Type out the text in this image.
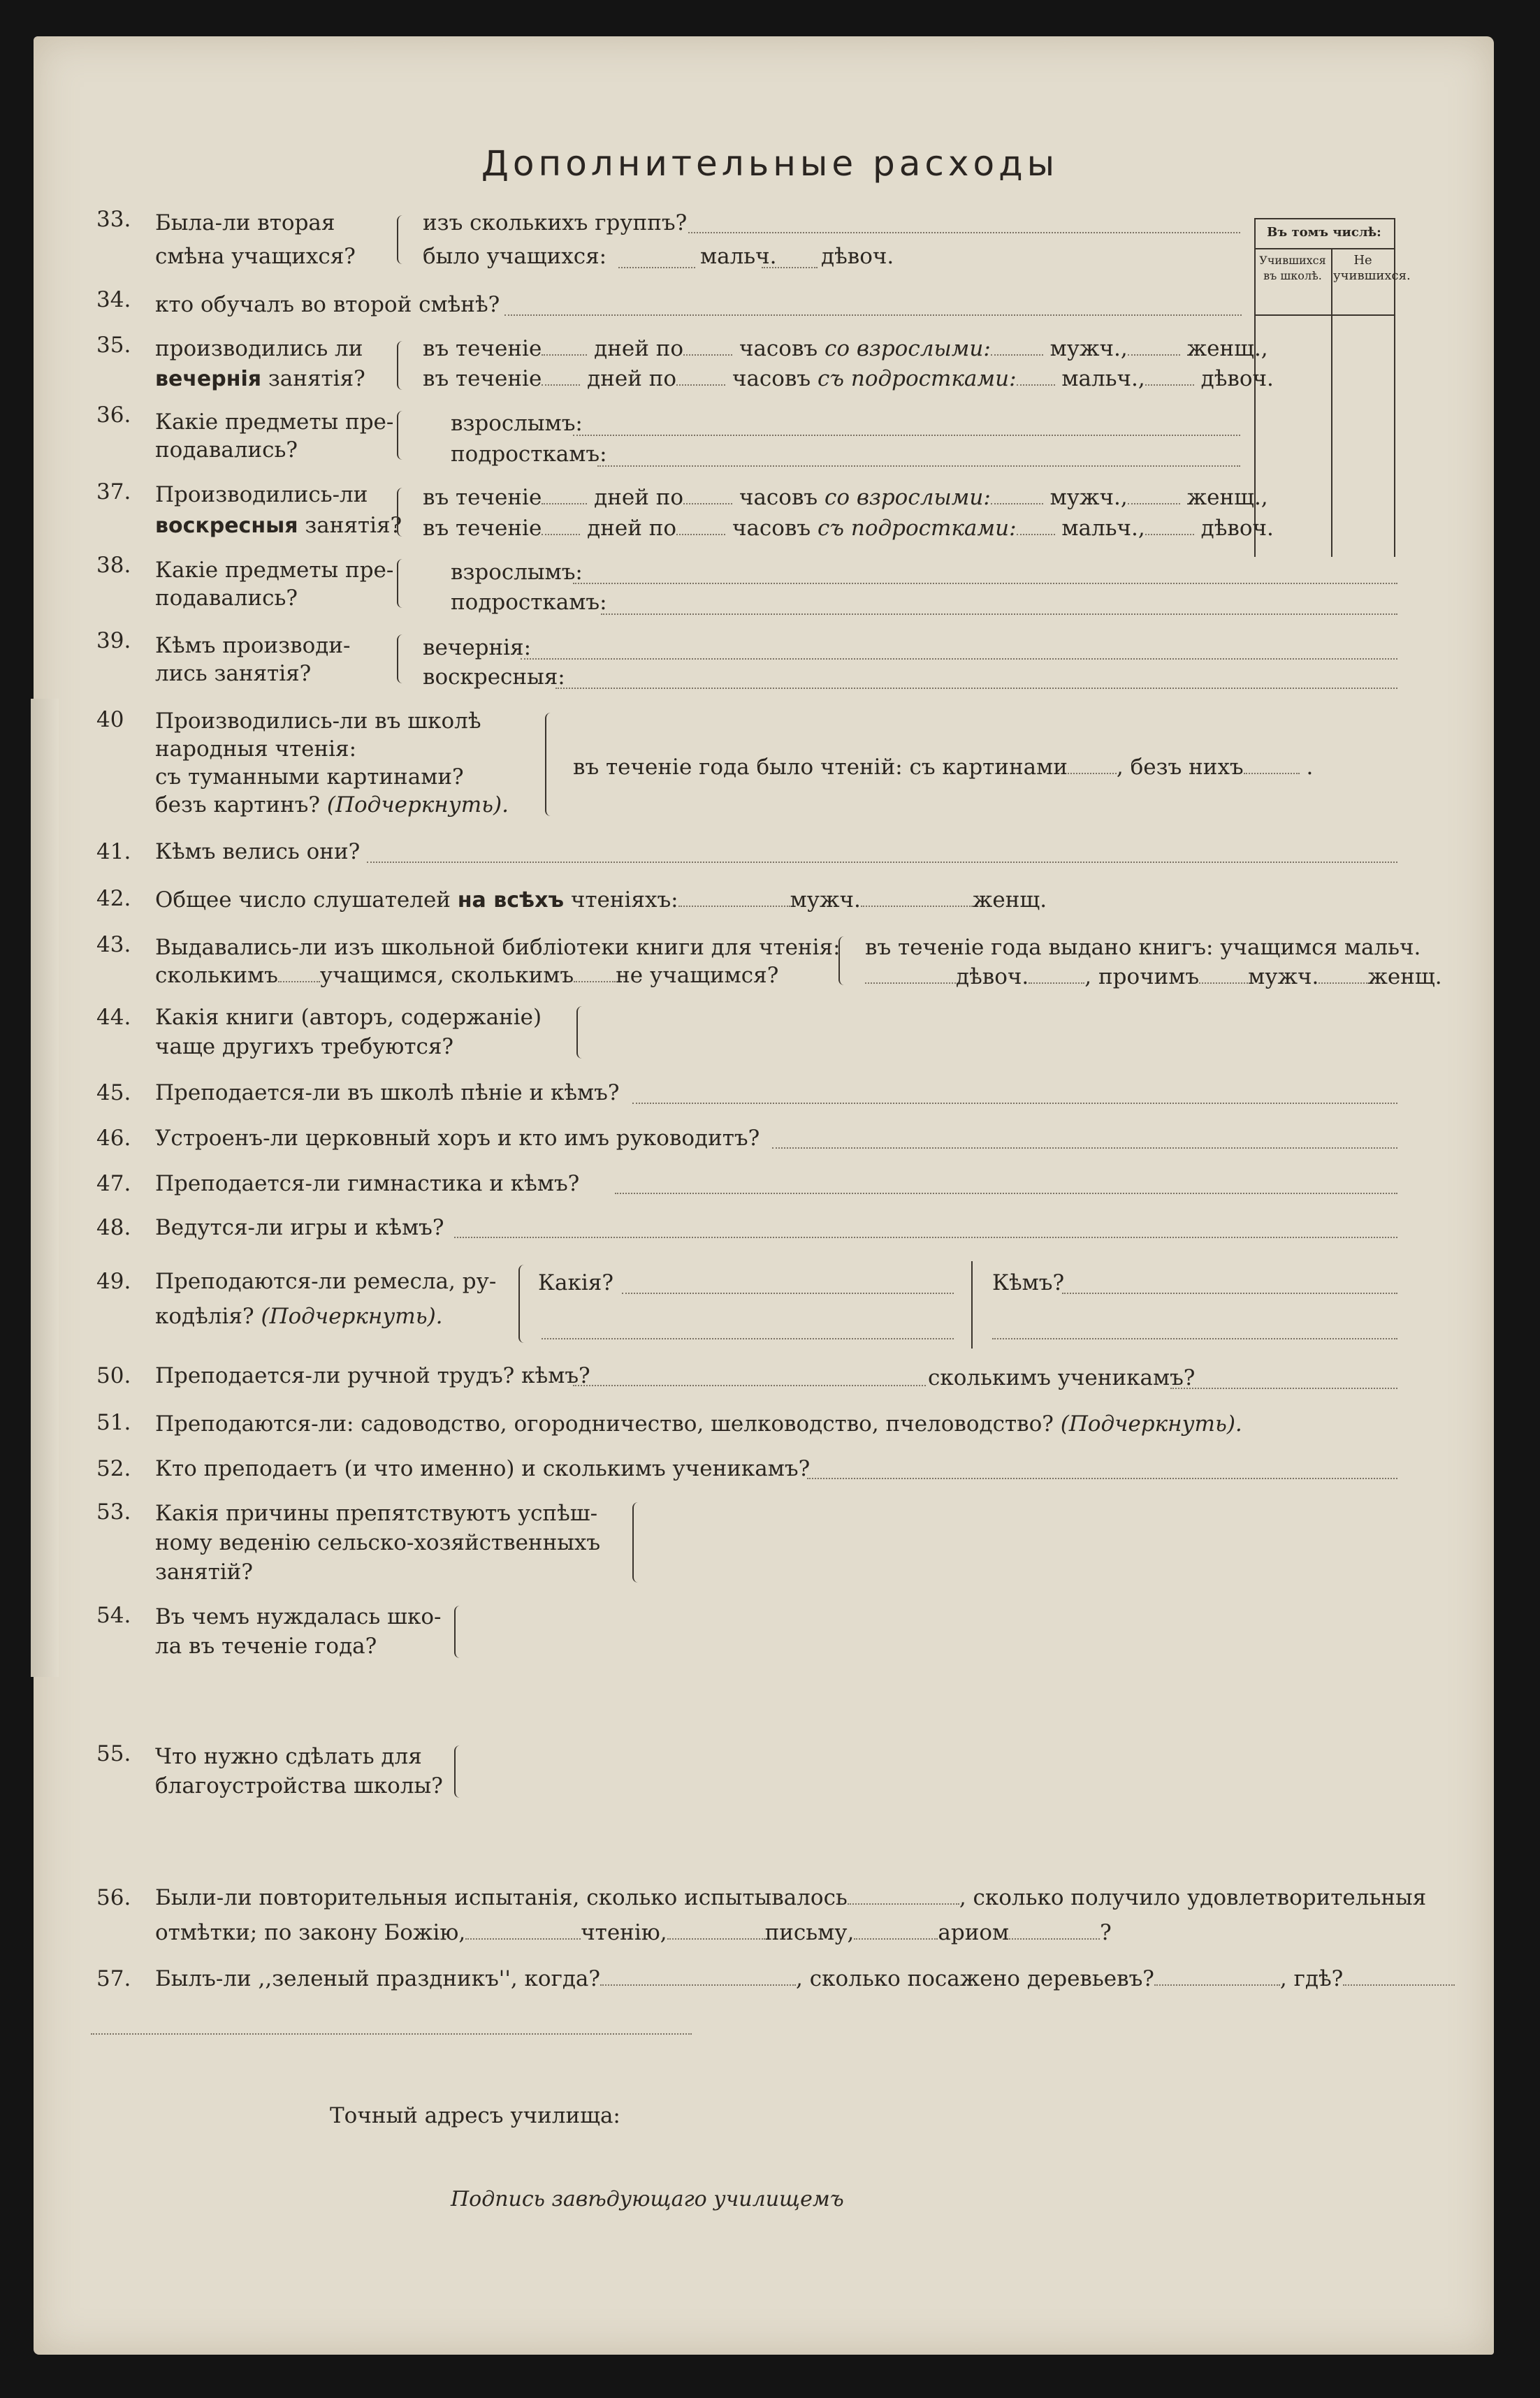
Дополнительные расходы
Въ томъ числѣ:
Учившихся въ школѣ.
Не учившихся.
33. Была-ли вторая
смѣна учащихся?
изъ сколькихъ группъ?
было учащихся:	мальч. дѣвоч.
34. кто обучалъ во второй смѣнѣ?
35. производились ли
вечернія занятія?
въ теченіе дней по	часовъ со взрослыми:	мужч.,	женщ.,
въ теченіе дней по	часовъ съ подростками: мальч.,	дѣвоч.
36. Какіе предметы пре-
подавались?
взрослымъ:
подросткамъ:
37. Производились-ли
воскресныя занятія?
въ теченіе дней по	часовъ со взрослыми:	мужч.,	женщ.,
въ теченіе дней по	часовъ съ подростками: мальч.,	дѣвоч.
38. Какіе предметы пре-
подавались?
взрослымъ:
подросткамъ:
39. Кѣмъ производи-
лись занятія?
вечернія:
воскресныя:
40 Производились-ли въ школѣ
народныя чтенія:
съ туманными картинами?
безъ картинъ? (Подчеркнуть).
въ теченіе года было чтеній: съ картинами , безъ нихъ	.
41. Кѣмъ велись они?
42. Общее число слушателей на всѣхъ чтеніяхъ:	мужч.	женщ.
43. Выдавались-ли изъ школьной библіотеки книги для чтенія:
сколькимъ учащимся, сколькимъ не учащимся?
въ теченіе года выдано книгъ: учащимся мальч.
дѣвоч.	, прочимъ мужч. женщ.
44. Какія книги (авторъ, содержаніе)
чаще другихъ требуются?
45. Преподается-ли въ школѣ пѣніе и кѣмъ?
46. Устроенъ-ли церковный хоръ и кто имъ руководитъ?
47. Преподается-ли гимнастика и кѣмъ?
48. Ведутся-ли игры и кѣмъ?
49. Преподаются-ли ремесла, ру-
кодѣлія? (Подчеркнуть).
Какія?	Кѣмъ?
50. Преподается-ли ручной трудъ? кѣмъ?	сколькимъ ученикамъ?
51. Преподаются-ли: садоводство, огородничество, шелководство, пчеловодство? (Подчеркнуть).
52. Кто преподаетъ (и что именно) и сколькимъ ученикамъ?
53. Какія причины препятствуютъ успѣш-
ному веденію сельско-хозяйственныхъ
занятій?
54. Въ чемъ нуждалась шко-
ла въ теченіе года?
55. Что нужно сдѣлать для
благоустройства школы?
56. Были-ли повторительныя испытанія, сколько испытывалось	, сколько получило удовлетворительныя
отмѣтки; по закону Божію,	чтенію,	письму,	ариом	?
57. Былъ-ли ,,зеленый праздникъ'', когда?	, сколько посажено деревьевъ?	, гдѣ?
Точный адресъ училища:
Подпись завѣдующаго училищемъ
